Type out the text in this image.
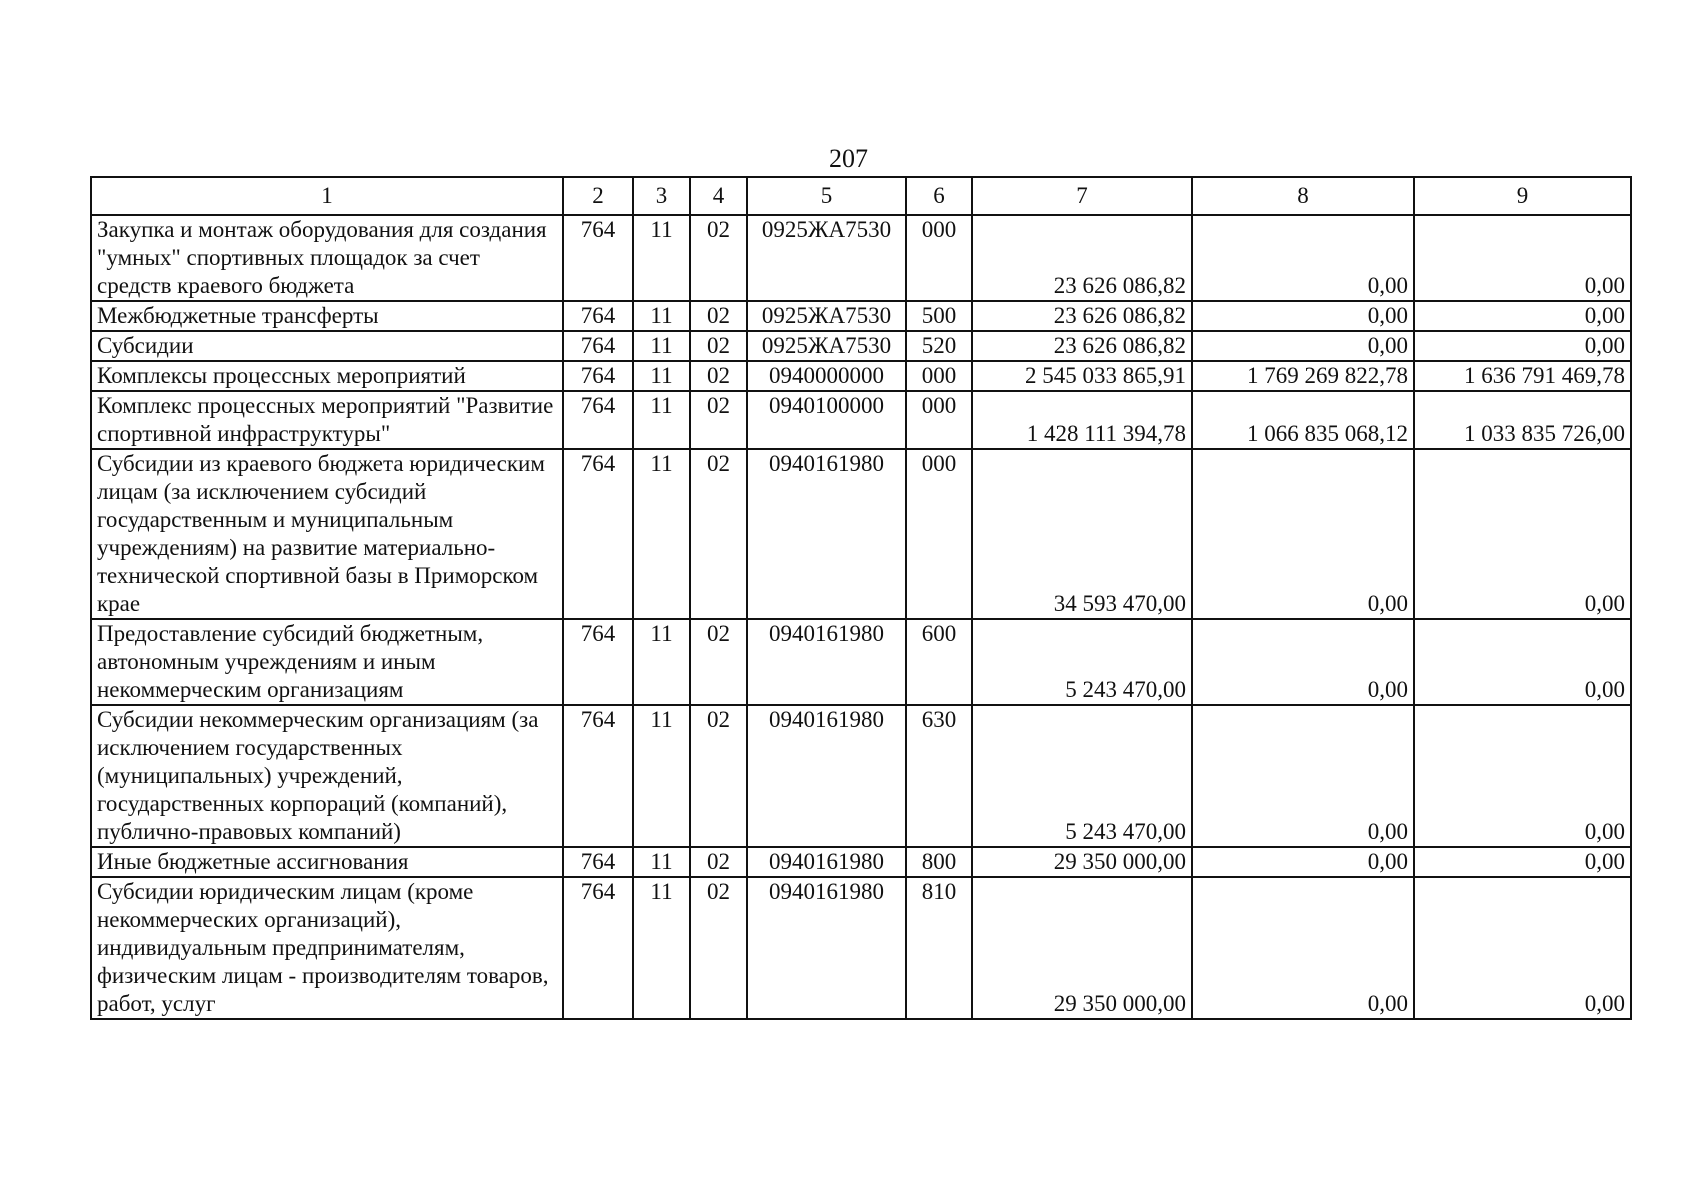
207
1	2	3	4	5	6	7	8	9
Закупка и монтаж оборудования для создания "умных" спортивных площадок за счет средств краевого бюджета	764	11	02	0925ЖА7530	000	23 626 086,82	0,00	0,00
Межбюджетные трансферты	764	11	02	0925ЖА7530	500	23 626 086,82	0,00	0,00
Субсидии	764	11	02	0925ЖА7530	520	23 626 086,82	0,00	0,00
Комплексы процессных мероприятий	764	11	02	0940000000	000	2 545 033 865,91	1 769 269 822,78	1 636 791 469,78
Комплекс процессных мероприятий "Развитие спортивной инфраструктуры"	764	11	02	0940100000	000	1 428 111 394,78	1 066 835 068,12	1 033 835 726,00
Субсидии из краевого бюджета юридическим лицам (за исключением субсидий государственным и муниципальным учреждениям) на развитие материально-технической спортивной базы в Приморском крае	764	11	02	0940161980	000	34 593 470,00	0,00	0,00
Предоставление субсидий бюджетным, автономным учреждениям и иным некоммерческим организациям	764	11	02	0940161980	600	5 243 470,00	0,00	0,00
Субсидии некоммерческим организациям (за исключением государственных (муниципальных) учреждений, государственных корпораций (компаний), публично-правовых компаний)	764	11	02	0940161980	630	5 243 470,00	0,00	0,00
Иные бюджетные ассигнования	764	11	02	0940161980	800	29 350 000,00	0,00	0,00
Субсидии юридическим лицам (кроме некоммерческих организаций), индивидуальным предпринимателям, физическим лицам - производителям товаров, работ, услуг	764	11	02	0940161980	810	29 350 000,00	0,00	0,00
